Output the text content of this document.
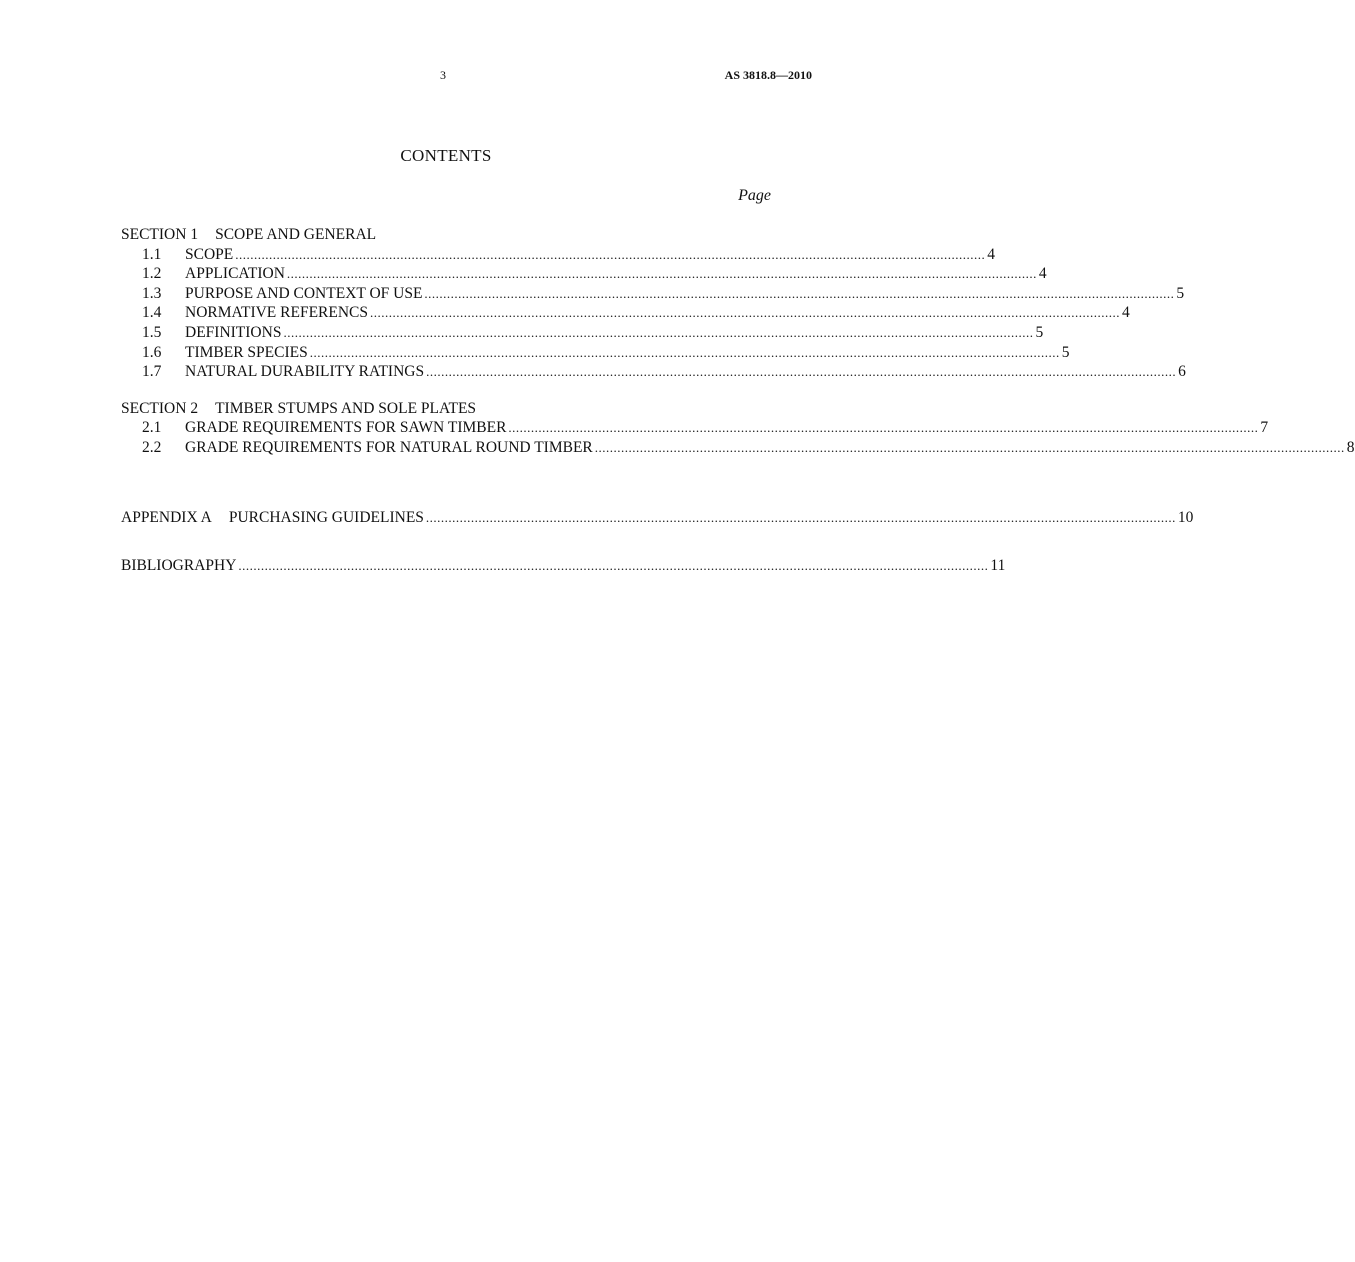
3	AS 3818.8—2010
CONTENTS
Page
SECTION 1 SCOPE AND GENERAL
1.1	SCOPE ........................................................................................................................................................................................................ 4
1.2	APPLICATION ........................................................................................................................................................................................................ 4
1.3	PURPOSE AND CONTEXT OF USE ........................................................................................................................................................................................................ 5
1.4	NORMATIVE REFERENCS ........................................................................................................................................................................................................ 4
1.5	DEFINITIONS ........................................................................................................................................................................................................ 5
1.6	TIMBER SPECIES ........................................................................................................................................................................................................ 5
1.7	NATURAL DURABILITY RATINGS ........................................................................................................................................................................................................ 6
SECTION 2 TIMBER STUMPS AND SOLE PLATES
2.1	GRADE REQUIREMENTS FOR SAWN TIMBER ........................................................................................................................................................................................................ 7
2.2	GRADE REQUIREMENTS FOR NATURAL ROUND TIMBER ........................................................................................................................................................................................................ 8
APPENDIX A PURCHASING GUIDELINES ........................................................................................................................................................................................................ 10
BIBLIOGRAPHY ........................................................................................................................................................................................................ 11
